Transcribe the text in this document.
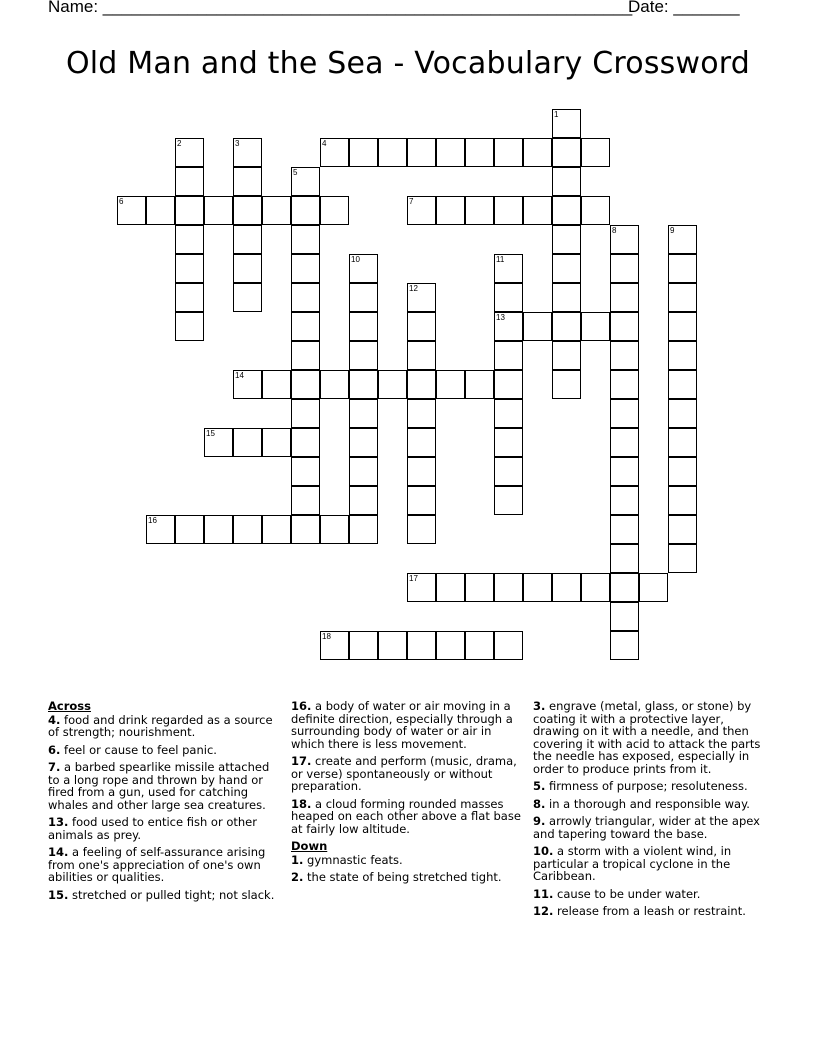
Name: ________________________________________________________
Date: _______
Old Man and the Sea - Vocabulary Crossword
1
2	3	4
5
6	7
8	9
10	11
13
12
14
15
16
17
18
Across
4. food and drink regarded as a source of strength; nourishment.
6. feel or cause to feel panic.
7. a barbed spearlike missile attached to a long rope and thrown by hand or fired from a gun, used for catching whales and other large sea creatures.
13. food used to entice fish or other animals as prey.
14. a feeling of self-assurance arising from one's appreciation of one's own abilities or qualities.
15. stretched or pulled tight; not slack.
16. a body of water or air moving in a definite direction, especially through a surrounding body of water or air in which there is less movement.
17. create and perform (music, drama, or verse) spontaneously or without preparation.
18. a cloud forming rounded masses heaped on each other above a flat base at fairly low altitude.
Down
1. gymnastic feats.
2. the state of being stretched tight.
3. engrave (metal, glass, or stone) by coating it with a protective layer, drawing on it with a needle, and then covering it with acid to attack the parts the needle has exposed, especially in order to produce prints from it.
5. firmness of purpose; resoluteness.
8. in a thorough and responsible way.
9. arrowly triangular, wider at the apex and tapering toward the base.
10. a storm with a violent wind, in particular a tropical cyclone in the Caribbean.
11. cause to be under water.
12. release from a leash or restraint.
